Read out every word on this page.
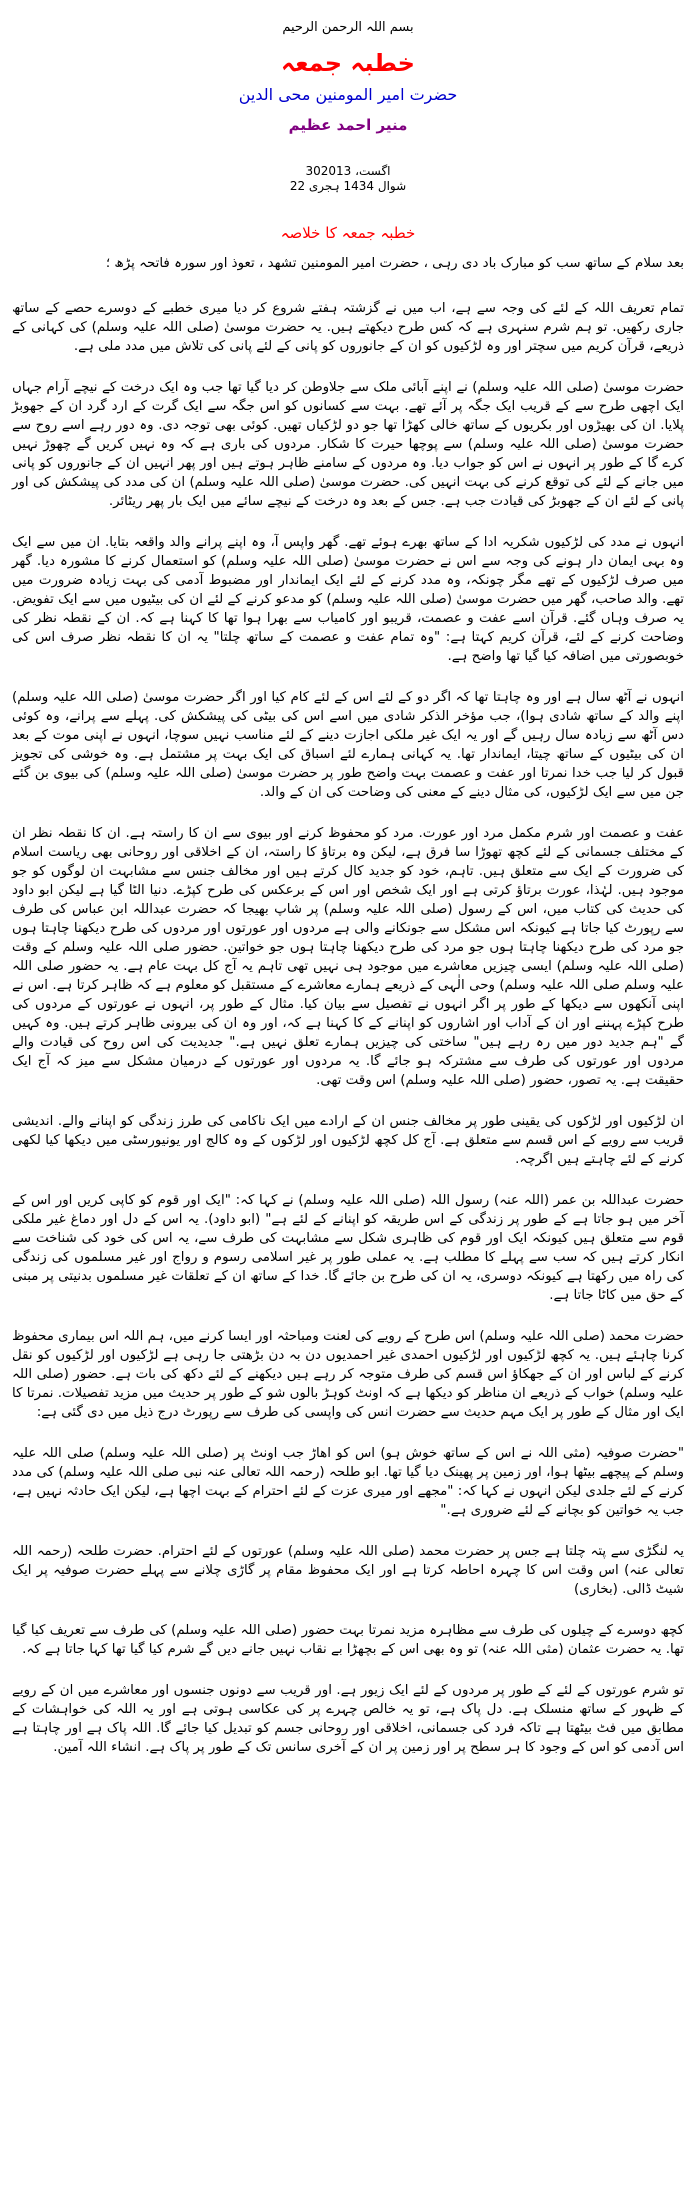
بسم اللہ الرحمن الرحیم
خطبہ جمعہ
حضرت امیر المومنین محی الدین
منیر احمد عظیم
30اگست، 2013
22 شوال 1434 ہجری
خطبہ جمعہ کا خلاصہ

بعد سلام کے ساتھ سب کو مبارک باد دی رہی ، حضرت امیر المومنین تشھد ، تعوذ اور سورہ فاتحہ پڑھ ؛

تمام تعریف اللہ کے لئے کی وجہ سے ہے، اب میں نے گزشتہ ہفتے شروع کر دیا میری خطبے کے دوسرے حصے کے ساتھ جاری رکھیں. تو ہم شرم سنہری ہے کہ کس طرح دیکھتے ہیں. یہ حضرت موسیٰ (صلی اللہ علیہ وسلم) کی کہانی کے ذریعے، قرآن کریم میں سچتر اور وہ لڑکیوں کو ان کے جانوروں کو پانی کے لئے پانی کی تلاش میں مدد ملی ہے.

حضرت موسیٰ (صلی اللہ علیہ وسلم) نے اپنے آبائی ملک سے جلاوطن کر دیا گیا تھا جب وہ ایک درخت کے نیچے آرام جہاں ایک اچھی طرح سے کے قریب ایک جگہ پر آئے تھے. بہت سے کسانوں کو اس جگہ سے ایک گرت کے ارد گرد ان کے جھوبڑ پلایا. ان کی بھیڑوں اور بکریوں کے ساتھ خالی کھڑا تھا جو دو لڑکیاں تھیں. کوئی بھی توجہ دی. وہ دور رہے اسے روح سے حضرت موسیٰ (صلی اللہ علیہ وسلم) سے پوچھا حیرت کا شکار. مردوں کی باری ہے کہ وہ نہیں کریں گے چھوڑ نہیں کرے گا کے طور پر انہوں نے اس کو جواب دیا. وہ مردوں کے سامنے ظاہر ہوتے ہیں اور پھر انہیں ان کے جانوروں کو پانی میں جانے کے لئے کی توقع کرنے کی بہت انہیں کی. حضرت موسیٰ (صلی اللہ علیہ وسلم) ان کی مدد کی پیشکش کی اور پانی کے لئے ان کے جھوبڑ کی قیادت جب ہے. جس کے بعد وہ درخت کے نیچے سائے میں ایک بار پھر ریٹائر.

انہوں نے مدد کی لڑکیوں شکریہ ادا کے ساتھ بھرے ہوئے تھے. گھر واپس آ، وہ اپنے پرانے والد واقعہ بتایا. ان میں سے ایک وہ بہی ایمان دار ہونے کی وجہ سے اس نے حضرت موسیٰ (صلی اللہ علیہ وسلم) کو استعمال کرنے کا مشورہ دیا. گھر میں صرف لڑکیوں کے تھے مگر چونکہ، وہ مدد کرنے کے لئے ایک ایماندار اور مضبوط آدمی کی بہت زیادہ ضرورت میں تھے. والد صاحب، گھر میں حضرت موسیٰ (صلی اللہ علیہ وسلم) کو مدعو کرنے کے لئے ان کی بیٹیوں میں سے ایک تفویض. یہ صرف وہاں گئے. قرآن اسے عفت و عصمت، قریبو اور کامیاب سے بھرا ہوا تھا کا کہنا ہے کہ. ان کے نقطہ نظر کی وضاحت کرنے کے لئے، قرآن کریم کہتا ہے: "وہ تمام عفت و عصمت کے ساتھ چلتا" یہ ان کا نقطہ نظر صرف اس کی خوبصورتی میں اضافہ کیا گیا تھا واضح ہے.

انہوں نے آٹھ سال ہے اور وہ چاہتا تھا کہ اگر دو کے لئے اس کے لئے کام کیا اور اگر حضرت موسیٰ (صلی اللہ علیہ وسلم) اپنے والد کے ساتھ شادی ہوا)، جب مؤخر الذکر شادی میں اسے اس کی بیٹی کی پیشکش کی. پہلے سے پرانے، وہ کوئی دس آٹھ سے زیادہ سال رہیں گے اور یہ ایک غیر ملکی اجازت دینے کے لئے مناسب نہیں سوچا، انہوں نے اپنی موت کے بعد ان کی بیٹیوں کے ساتھ چیتا، ایماندار تھا. یہ کہانی ہمارے لئے اسباق کی ایک بہت پر مشتمل ہے. وہ خوشی کی تجویز قبول کر لیا جب خدا نمرتا اور عفت و عصمت بہت واضح طور پر حضرت موسیٰ (صلی اللہ علیہ وسلم) کی بیوی بن گئے جن میں سے ایک لڑکیوں، کی مثال دینے کے معنی کی وضاحت کی ان کے والد.

عفت و عصمت اور شرم مکمل مرد اور عورت. مرد کو محفوظ کرنے اور بیوی سے ان کا راستہ ہے. ان کا نقطہ نظر ان کے مختلف جسمانی کے لئے کچھ تھوڑا سا فرق ہے، لیکن وہ برتاؤ کا راستہ، ان کے اخلاقی اور روحانی بھی ریاست اسلام کی ضرورت کے ایک سے متعلق ہیں. تاہم، خود کو جدید کال کرتے ہیں اور مخالف جنس سے مشابہت ان لوگوں کو جو موجود ہیں. لہٰذا، عورت برتاؤ کرتی ہے اور ایک شخص اور اس کے برعکس کی طرح کپڑے. دنیا الٹا گیا ہے لیکن ابو داود کی حدیث کی کتاب میں، اس کے رسول (صلی اللہ علیہ وسلم) پر شاپ بھیجا کہ حضرت عبداللہ ابن عباس کی طرف سے رپورٹ کیا جاتا ہے کیونکہ اس مشکل سے جونکانے والی ہے مردوں اور عورتوں اور مردوں کی طرح دیکھنا چاہتا ہوں جو مرد کی طرح دیکھنا چاہتا ہوں جو مرد کی طرح دیکھنا چاہتا ہوں جو خواتین. حضور صلی اللہ علیہ وسلم کے وقت (صلی اللہ علیہ وسلم) ایسی چیزیں معاشرے میں موجود ہی نہیں تھی تاہم یہ آج کل بہت عام ہے. یہ حضور صلی اللہ علیہ وسلم صلی اللہ علیہ وسلم) وحی الٰہی کے ذریعے ہمارے معاشرے کے مستقبل کو معلوم ہے کہ ظاہر کرتا ہے. اس نے اپنی آنکھوں سے دیکھا کے طور پر اگر انہوں نے تفصیل سے بیان کیا. مثال کے طور پر، انہوں نے عورتوں کے مردوں کی طرح کپڑے پہننے اور ان کے آداب اور اشاروں کو اپنانے کے کا کہنا ہے کہ، اور وہ ان کی بیرونی ظاہر کرتے ہیں. وہ کہیں گے "ہم جدید دور میں رہ رہے ہیں" ساختی کی چیزیں ہمارے تعلق نہیں ہے." جدیدیت کی اس روح کی قیادت والے مردوں اور عورتوں کی طرف سے مشترکہ ہو جائے گا. یہ مردوں اور عورتوں کے درمیان مشکل سے میز کہ آج ایک حقیقت ہے. یہ تصور، حضور (صلی اللہ علیہ وسلم) اس وقت تھی.

ان لڑکیوں اور لڑکوں کی یقینی طور پر مخالف جنس ان کے ارادے میں ایک ناکامی کی طرز زندگی کو اپنانے والے. اندیشی قریب سے رویے کے اس قسم سے متعلق ہے. آج کل کچھ لڑکیوں اور لڑکوں کے وہ کالج اور یونیورسٹی میں دیکھا کیا لکھی کرنے کے لئے چاہتے ہیں اگرچہ.

حضرت عبداللہ بن عمر (اللہ عنہ) رسول اللہ (صلی اللہ علیہ وسلم) نے کہا کہ: "ایک اور قوم کو کاپی کریں اور اس کے آخر میں ہو جاتا ہے کے طور پر زندگی کے اس طریقہ کو اپنانے کے لئے ہے" (ابو داود). یہ اس کے دل اور دماغ غیر ملکی قوم سے متعلق ہیں کیونکہ ایک اور قوم کی ظاہری شکل سے مشابہت کی طرف سے، یہ اس کی خود کی شناخت سے انکار کرتے ہیں کہ سب سے پہلے کا مطلب ہے. یہ عملی طور پر غیر اسلامی رسوم و رواج اور غیر مسلموں کی زندگی کی راہ میں رکھتا ہے کیونکہ دوسری، یہ ان کی طرح بن جائے گا. خدا کے ساتھ ان کے تعلقات غیر مسلموں بدنیتی پر مبنی کے حق میں کاٹا جاتا ہے.

حضرت محمد (صلی اللہ علیہ وسلم) اس طرح کے رویے کی لعنت ومباحثہ اور ایسا کرنے میں، ہم اللہ اس بیماری محفوظ کرنا چاہئے ہیں. یہ کچھ لڑکیوں اور لڑکیوں احمدی غیر احمدیوں دن بہ دن بڑھتی جا رہی ہے لڑکیوں اور لڑکیوں کو نقل کرنے کے لباس اور ان کے جھکاؤ اس قسم کی طرف متوجہ کر رہے ہیں دیکھنے کے لئے دکھ کی بات ہے. حضور (صلی اللہ علیہ وسلم) خواب کے ذریعے ان مناظر کو دیکھا ہے کہ اونٹ کوہڑ بالوں شو کے طور پر حدیث میں مزید تفصیلات. نمرتا کا ایک اور مثال کے طور پر ایک مہم حدیث سے حضرت انس کی واپسی کی طرف سے رپورٹ درج ذیل میں دی گئی ہے:

"حضرت صوفیہ (مثی اللہ نے اس کے ساتھ خوش ہو) اس کو اھاڑ جب اونٹ پر (صلی اللہ علیہ وسلم) صلی اللہ علیہ وسلم کے پیچھے بیٹھا ہوا، اور زمین پر پھینک دیا گیا تھا. ابو طلحہ (رحمہ اللہ تعالی عنہ نبی صلی اللہ علیہ وسلم) کی مدد کرنے کے لئے جلدی لیکن انہوں نے کہا کہ: "مجھے اور میری عزت کے لئے احترام کے بہت اچھا ہے، لیکن ایک حادثہ نہیں ہے، جب یہ خواتین کو بچانے کے لئے ضروری ہے."

یہ لنگڑی سے پتہ چلتا ہے جس پر حضرت محمد (صلی اللہ علیہ وسلم) عورتوں کے لئے احترام. حضرت طلحہ (رحمہ اللہ تعالی عنہ) اس وقت اس کا چہرہ احاطہ کرتا ہے اور ایک محفوظ مقام پر گاڑی چلانے سے پہلے حضرت صوفیہ پر ایک شیٹ ڈالی. (بخاری)

کچھ دوسرے کے چیلوں کی طرف سے مظاہرہ مزید نمرتا بہت حضور (صلی اللہ علیہ وسلم) کی طرف سے تعریف کیا گیا تھا. یہ حضرت عثمان (مثی اللہ عنہ) تو وہ بھی اس کے بچھڑا بے نقاب نہیں جانے دیں گے شرم کیا گیا تھا کہا جاتا ہے کہ.

تو شرم عورتوں کے لئے کے طور پر مردوں کے لئے ایک زیور ہے. اور قریب سے دونوں جنسوں اور معاشرے میں ان کے رویے کے ظہور کے ساتھ منسلک ہے. دل پاک ہے، تو یہ خالص چہرے پر کی عکاسی ہوتی ہے اور یہ اللہ کی خواہشات کے مطابق میں فٹ بیٹھتا ہے تاکہ فرد کی جسمانی، اخلاقی اور روحانی جسم کو تبدیل کیا جائے گا. اللہ پاک ہے اور چاہتا ہے اس آدمی کو اس کے وجود کا ہر سطح پر اور زمین پر ان کے آخری سانس تک کے طور پر پاک ہے. انشاء اللہ آمین.
